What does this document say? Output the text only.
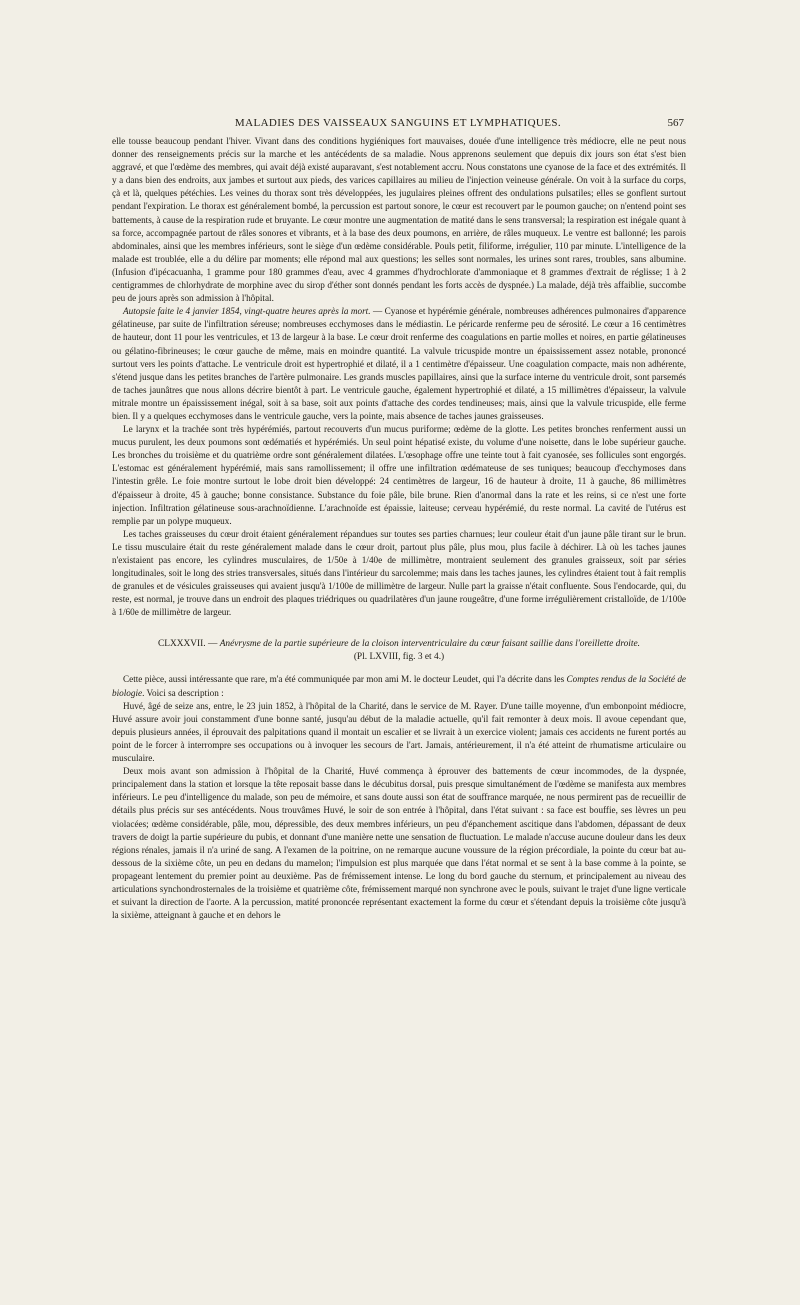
MALADIES DES VAISSEAUX SANGUINS ET LYMPHATIQUES.	567

elle tousse beaucoup pendant l'hiver. Vivant dans des conditions hygiéniques fort mauvaises, douée d'une intelligence très médiocre, elle ne peut nous donner des renseignements précis sur la marche et les antécédents de sa maladie. Nous apprenons seulement que depuis dix jours son état s'est bien aggravé, et que l'œdème des membres, qui avait déjà existé auparavant, s'est notablement accru. Nous constatons une cyanose de la face et des extrémités. Il y a dans bien des endroits, aux jambes et surtout aux pieds, des varices capillaires au milieu de l'injection veineuse générale. On voit à la surface du corps, çà et là, quelques pétéchies. Les veines du thorax sont très développées, les jugulaires pleines offrent des ondulations pulsatiles; elles se gonflent surtout pendant l'expiration. Le thorax est généralement bombé, la percussion est partout sonore, le cœur est recouvert par le poumon gauche; on n'entend point ses battements, à cause de la respiration rude et bruyante. Le cœur montre une augmentation de matité dans le sens transversal; la respiration est inégale quant à sa force, accompagnée partout de râles sonores et vibrants, et à la base des deux poumons, en arrière, de râles muqueux. Le ventre est ballonné; les parois abdominales, ainsi que les membres inférieurs, sont le siège d'un œdème considérable. Pouls petit, filiforme, irrégulier, 110 par minute. L'intelligence de la malade est troublée, elle a du délire par moments; elle répond mal aux questions; les selles sont normales, les urines sont rares, troubles, sans albumine. (Infusion d'ipécacuanha, 1 gramme pour 180 grammes d'eau, avec 4 grammes d'hydrochlorate d'ammoniaque et 8 grammes d'extrait de réglisse; 1 à 2 centigrammes de chlorhydrate de morphine avec du sirop d'éther sont donnés pendant les forts accès de dyspnée.) La malade, déjà très affaiblie, succombe peu de jours après son admission à l'hôpital.

Autopsie faite le 4 janvier 1854, vingt-quatre heures après la mort. — Cyanose et hypérémie générale, nombreuses adhérences pulmonaires d'apparence gélatineuse, par suite de l'infiltration séreuse; nombreuses ecchymoses dans le médiastin. Le péricarde renferme peu de sérosité. Le cœur a 16 centimètres de hauteur, dont 11 pour les ventricules, et 13 de largeur à la base. Le cœur droit renferme des coagulations en partie molles et noires, en partie gélatineuses ou gélatino-fibrineuses; le cœur gauche de même, mais en moindre quantité. La valvule tricuspide montre un épaississement assez notable, prononcé surtout vers les points d'attache. Le ventricule droit est hypertrophié et dilaté, il a 1 centimètre d'épaisseur. Une coagulation compacte, mais non adhérente, s'étend jusque dans les petites branches de l'artère pulmonaire. Les grands muscles papillaires, ainsi que la surface interne du ventricule droit, sont parsemés de taches jaunâtres que nous allons décrire bientôt à part. Le ventricule gauche, également hypertrophié et dilaté, a 15 millimètres d'épaisseur, la valvule mitrale montre un épaississement inégal, soit à sa base, soit aux points d'attache des cordes tendineuses; mais, ainsi que la valvule tricuspide, elle ferme bien. Il y a quelques ecchymoses dans le ventricule gauche, vers la pointe, mais absence de taches jaunes graisseuses.

Le larynx et la trachée sont très hypérémiés, partout recouverts d'un mucus puriforme; œdème de la glotte. Les petites bronches renferment aussi un mucus purulent, les deux poumons sont œdématiés et hypérémiés. Un seul point hépatisé existe, du volume d'une noisette, dans le lobe supérieur gauche. Les bronches du troisième et du quatrième ordre sont généralement dilatées. L'œsophage offre une teinte tout à fait cyanosée, ses follicules sont engorgés. L'estomac est généralement hypérémié, mais sans ramollissement; il offre une infiltration œdémateuse de ses tuniques; beaucoup d'ecchymoses dans l'intestin grêle. Le foie montre surtout le lobe droit bien développé: 24 centimètres de largeur, 16 de hauteur à droite, 11 à gauche, 86 millimètres d'épaisseur à droite, 45 à gauche; bonne consistance. Substance du foie pâle, bile brune. Rien d'anormal dans la rate et les reins, si ce n'est une forte injection. Infiltration gélatineuse sous-arachnoïdienne. L'arachnoïde est épaissie, laiteuse; cerveau hypérémié, du reste normal. La cavité de l'utérus est remplie par un polype muqueux.

Les taches graisseuses du cœur droit étaient généralement répandues sur toutes ses parties charnues; leur couleur était d'un jaune pâle tirant sur le brun. Le tissu musculaire était du reste généralement malade dans le cœur droit, partout plus pâle, plus mou, plus facile à déchirer. Là où les taches jaunes n'existaient pas encore, les cylindres musculaires, de 1/50e à 1/40e de millimètre, montraient seulement des granules graisseux, soit par séries longitudinales, soit le long des stries transversales, situés dans l'intérieur du sarcolemme; mais dans les taches jaunes, les cylindres étaient tout à fait remplis de granules et de vésicules graisseuses qui avaient jusqu'à 1/100e de millimètre de largeur. Nulle part la graisse n'était confluente. Sous l'endocarde, qui, du reste, est normal, je trouve dans un endroit des plaques triédriques ou quadrilatères d'un jaune rougeâtre, d'une forme irrégulièrement cristalloïde, de 1/100e à 1/60e de millimètre de largeur.

CLXXXVII. — Anévrysme de la partie supérieure de la cloison interventriculaire du cœur faisant saillie dans l'oreillette droite.
(Pl. LXVIII, fig. 3 et 4.)

Cette pièce, aussi intéressante que rare, m'a été communiquée par mon ami M. le docteur Leudet, qui l'a décrite dans les Comptes rendus de la Société de biologie. Voici sa description :

Huvé, âgé de seize ans, entre, le 23 juin 1852, à l'hôpital de la Charité, dans le service de M. Rayer. D'une taille moyenne, d'un embonpoint médiocre, Huvé assure avoir joui constamment d'une bonne santé, jusqu'au début de la maladie actuelle, qu'il fait remonter à deux mois. Il avoue cependant que, depuis plusieurs années, il éprouvait des palpitations quand il montait un escalier et se livrait à un exercice violent; jamais ces accidents ne furent portés au point de le forcer à interrompre ses occupations ou à invoquer les secours de l'art. Jamais, antérieurement, il n'a été atteint de rhumatisme articulaire ou musculaire.

Deux mois avant son admission à l'hôpital de la Charité, Huvé commença à éprouver des battements de cœur incommodes, de la dyspnée, principalement dans la station et lorsque la tête reposait basse dans le décubitus dorsal, puis presque simultanément de l'œdème se manifesta aux membres inférieurs. Le peu d'intelligence du malade, son peu de mémoire, et sans doute aussi son état de souffrance marquée, ne nous permirent pas de recueillir de détails plus précis sur ses antécédents. Nous trouvâmes Huvé, le soir de son entrée à l'hôpital, dans l'état suivant : sa face est bouffie, ses lèvres un peu violacées; œdème considérable, pâle, mou, dépressible, des deux membres inférieurs, un peu d'épanchement ascitique dans l'abdomen, dépassant de deux travers de doigt la partie supérieure du pubis, et donnant d'une manière nette une sensation de fluctuation. Le malade n'accuse aucune douleur dans les deux régions rénales, jamais il n'a uriné de sang. A l'examen de la poitrine, on ne remarque aucune voussure de la région précordiale, la pointe du cœur bat au-dessous de la sixième côte, un peu en dedans du mamelon; l'impulsion est plus marquée que dans l'état normal et se sent à la base comme à la pointe, se propageant lentement du premier point au deuxième. Pas de frémissement intense. Le long du bord gauche du sternum, et principalement au niveau des articulations synchondrosternales de la troisième et quatrième côte, frémissement marqué non synchrone avec le pouls, suivant le trajet d'une ligne verticale et suivant la direction de l'aorte. A la percussion, matité prononcée représentant exactement la forme du cœur et s'étendant depuis la troisième côte jusqu'à la sixième, atteignant à gauche et en dehors le
